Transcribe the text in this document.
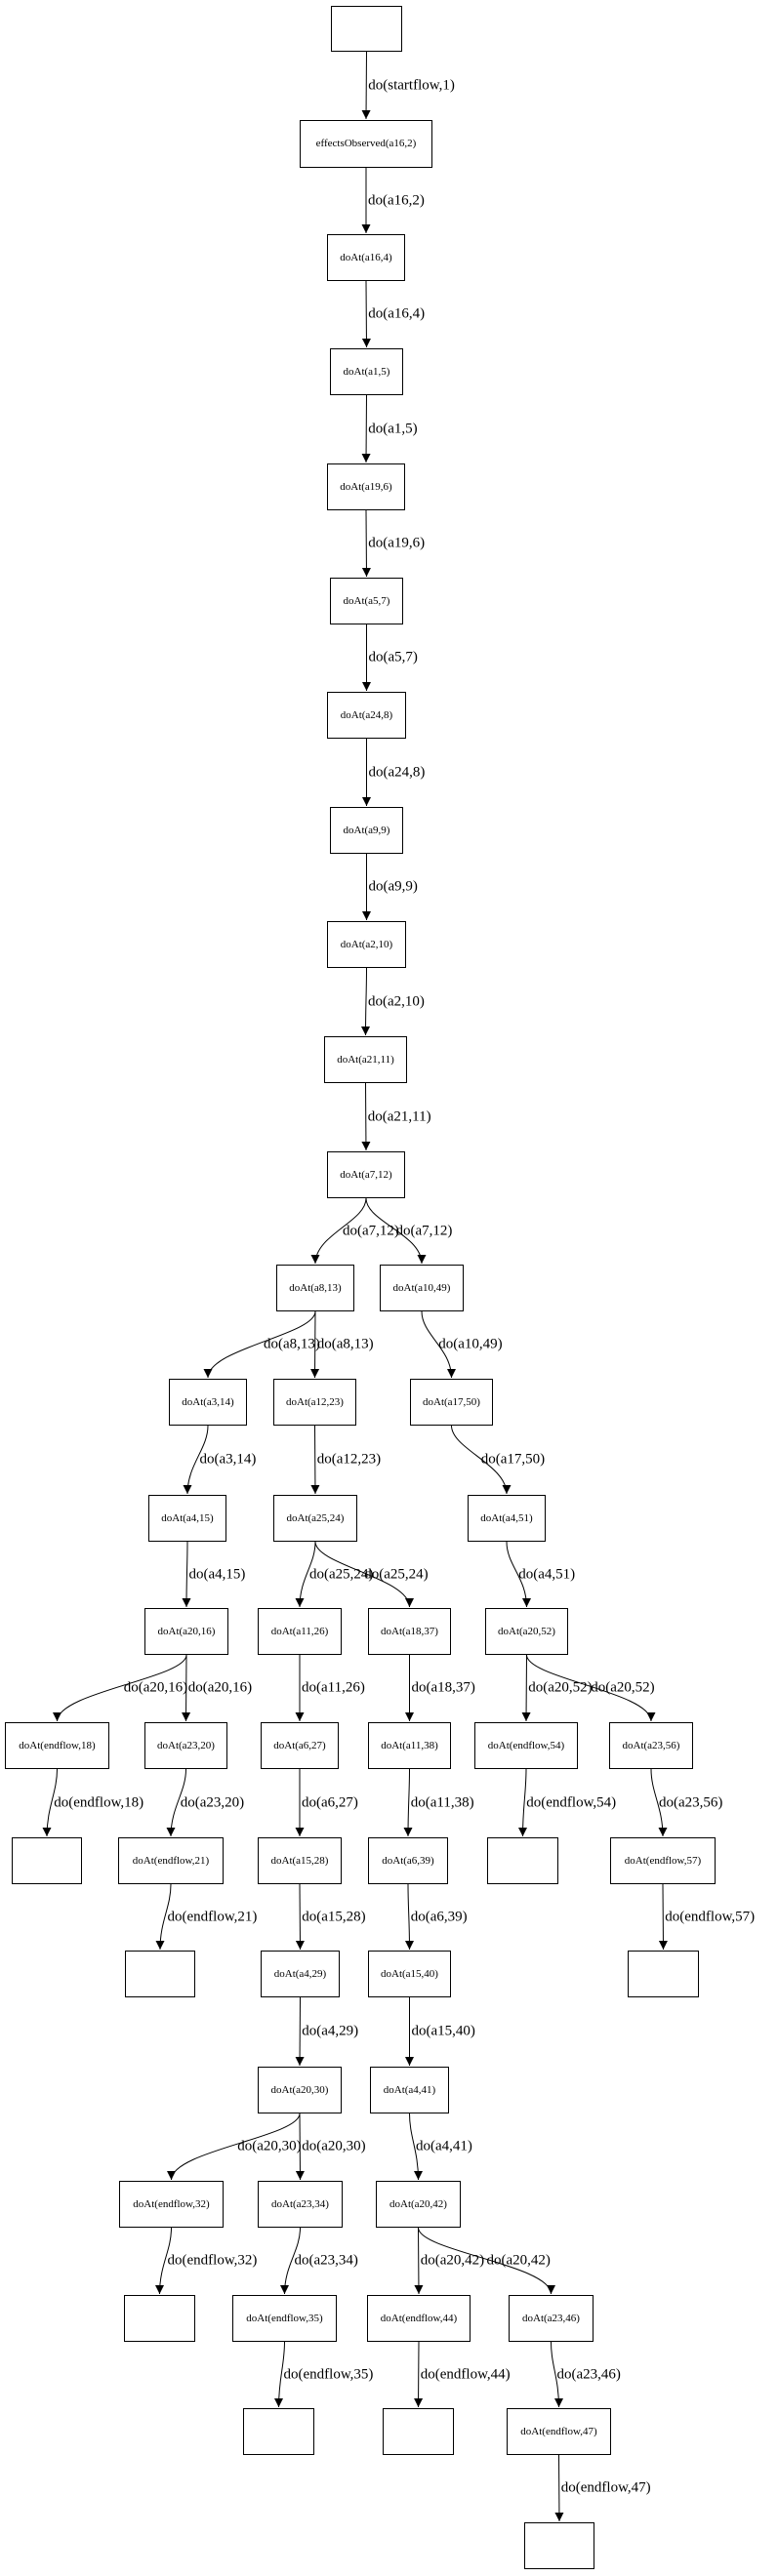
effectsObserved(a16,2)
doAt(a16,4)
doAt(a1,5)
doAt(a19,6)
doAt(a5,7)
doAt(a24,8)
doAt(a9,9)
doAt(a2,10)
doAt(a21,11)
doAt(a7,12)
doAt(a8,13)	doAt(a10,49)
doAt(a3,14)	doAt(a12,23)	doAt(a17,50)
doAt(a4,15)	doAt(a25,24)	doAt(a4,51)
doAt(a20,16)	doAt(a11,26)	doAt(a18,37)	doAt(a20,52)
doAt(endflow,18)	doAt(a23,20)	doAt(a6,27)	doAt(a11,38)	doAt(endflow,54)	doAt(a23,56)
doAt(endflow,21)	doAt(a15,28)	doAt(a6,39)	doAt(endflow,57)
doAt(a4,29)	doAt(a15,40)
doAt(a20,30)	doAt(a4,41)
doAt(endflow,32)	doAt(a23,34)	doAt(a20,42)
doAt(endflow,35)	doAt(endflow,44)	doAt(a23,46)
doAt(endflow,47)
do(startflow,1)
do(a16,2)
do(a16,4)
do(a1,5)
do(a19,6)
do(a5,7)
do(a24,8)
do(a9,9)
do(a2,10)
do(a21,11)
do(a7,12)
do(a7,12)
do(a8,13)
do(a8,13)	do(a10,49)
do(a3,14)	do(a12,23)	do(a17,50)
do(a4,15)	do(a25,24)
do(a25,24)	do(a4,51)
do(a20,16) do(a20,16)	do(a11,26)	do(a18,37)	do(a20,52)
do(a20,52)
do(endflow,18)	do(a23,20)	do(a6,27)	do(a11,38)	do(endflow,54)	do(a23,56)
do(endflow,21)	do(a15,28)	do(a6,39)	do(endflow,57)
do(a4,29)	do(a15,40)
do(a20,30) do(a20,30)	do(a4,41)
do(endflow,32)	do(a23,34)	do(a20,42) do(a20,42)
do(endflow,35)	do(endflow,44)	do(a23,46)
do(endflow,47)
